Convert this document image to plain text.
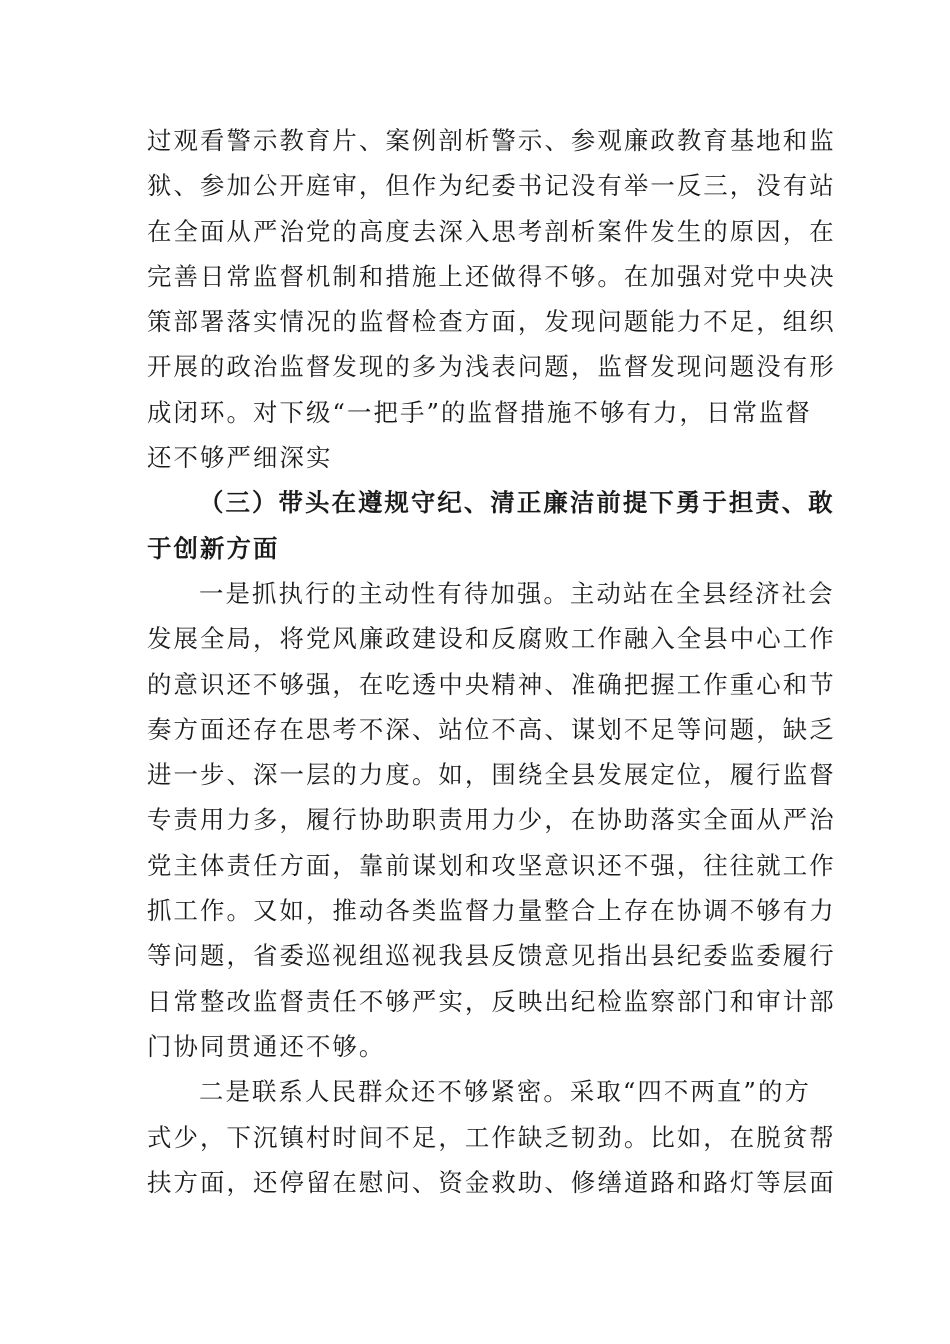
过观看警示教育片、案例剖析警示、参观廉政教育基地和监
狱、参加公开庭审，但作为纪委书记没有举一反三，没有站
在全面从严治党的高度去深入思考剖析案件发生的原因，在
完善日常监督机制和措施上还做得不够。在加强对党中央决
策部署落实情况的监督检查方面，发现问题能力不足，组织
开展的政治监督发现的多为浅表问题，监督发现问题没有形
成闭环。对下级“一把手”的监督措施不够有力，日常监督
还不够严细深实
（三）带头在遵规守纪、清正廉洁前提下勇于担责、敢
于创新方面
一是抓执行的主动性有待加强。主动站在全县经济社会
发展全局，将党风廉政建设和反腐败工作融入全县中心工作
的意识还不够强，在吃透中央精神、准确把握工作重心和节
奏方面还存在思考不深、站位不高、谋划不足等问题，缺乏
进一步、深一层的力度。如，围绕全县发展定位，履行监督
专责用力多，履行协助职责用力少，在协助落实全面从严治
党主体责任方面，靠前谋划和攻坚意识还不强，往往就工作
抓工作。又如，推动各类监督力量整合上存在协调不够有力
等问题，省委巡视组巡视我县反馈意见指出县纪委监委履行
日常整改监督责任不够严实，反映出纪检监察部门和审计部
门协同贯通还不够。
二是联系人民群众还不够紧密。采取“四不两直”的方
式少，下沉镇村时间不足，工作缺乏韧劲。比如，在脱贫帮
扶方面，还停留在慰问、资金救助、修缮道路和路灯等层面
